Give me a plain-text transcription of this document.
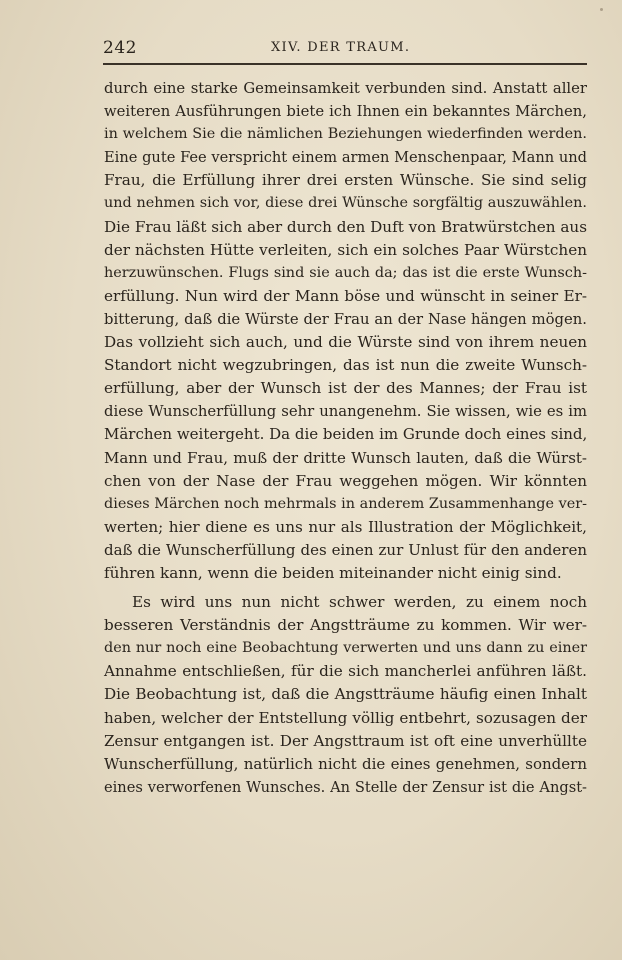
242	XIV. DER TRAUM.
durch eine starke Gemeinsamkeit verbunden sind. Anstatt aller
weiteren Ausführungen biete ich Ihnen ein bekanntes Märchen,
in welchem Sie die nämlichen Beziehungen wiederfinden werden.
Eine gute Fee verspricht einem armen Menschenpaar, Mann und
Frau, die Erfüllung ihrer drei ersten Wünsche. Sie sind selig
und nehmen sich vor, diese drei Wünsche sorgfältig auszuwählen.
Die Frau läßt sich aber durch den Duft von Bratwürstchen aus
der nächsten Hütte verleiten, sich ein solches Paar Würstchen
herzuwünschen. Flugs sind sie auch da; das ist die erste Wunsch-
erfüllung. Nun wird der Mann böse und wünscht in seiner Er-
bitterung, daß die Würste der Frau an der Nase hängen mögen.
Das vollzieht sich auch, und die Würste sind von ihrem neuen
Standort nicht wegzubringen, das ist nun die zweite Wunsch-
erfüllung, aber der Wunsch ist der des Mannes; der Frau ist
diese Wunscherfüllung sehr unangenehm. Sie wissen, wie es im
Märchen weitergeht. Da die beiden im Grunde doch eines sind,
Mann und Frau, muß der dritte Wunsch lauten, daß die Würst-
chen von der Nase der Frau weggehen mögen. Wir könnten
dieses Märchen noch mehrmals in anderem Zusammenhange ver-
werten; hier diene es uns nur als Illustration der Möglichkeit,
daß die Wunscherfüllung des einen zur Unlust für den anderen
führen kann, wenn die beiden miteinander nicht einig sind.
Es wird uns nun nicht schwer werden, zu einem noch
besseren Verständnis der Angstträume zu kommen. Wir wer-
den nur noch eine Beobachtung verwerten und uns dann zu einer
Annahme entschließen, für die sich mancherlei anführen läßt.
Die Beobachtung ist, daß die Angstträume häufig einen Inhalt
haben, welcher der Entstellung völlig entbehrt, sozusagen der
Zensur entgangen ist. Der Angsttraum ist oft eine unverhüllte
Wunscherfüllung, natürlich nicht die eines genehmen, sondern
eines verworfenen Wunsches. An Stelle der Zensur ist die Angst-
